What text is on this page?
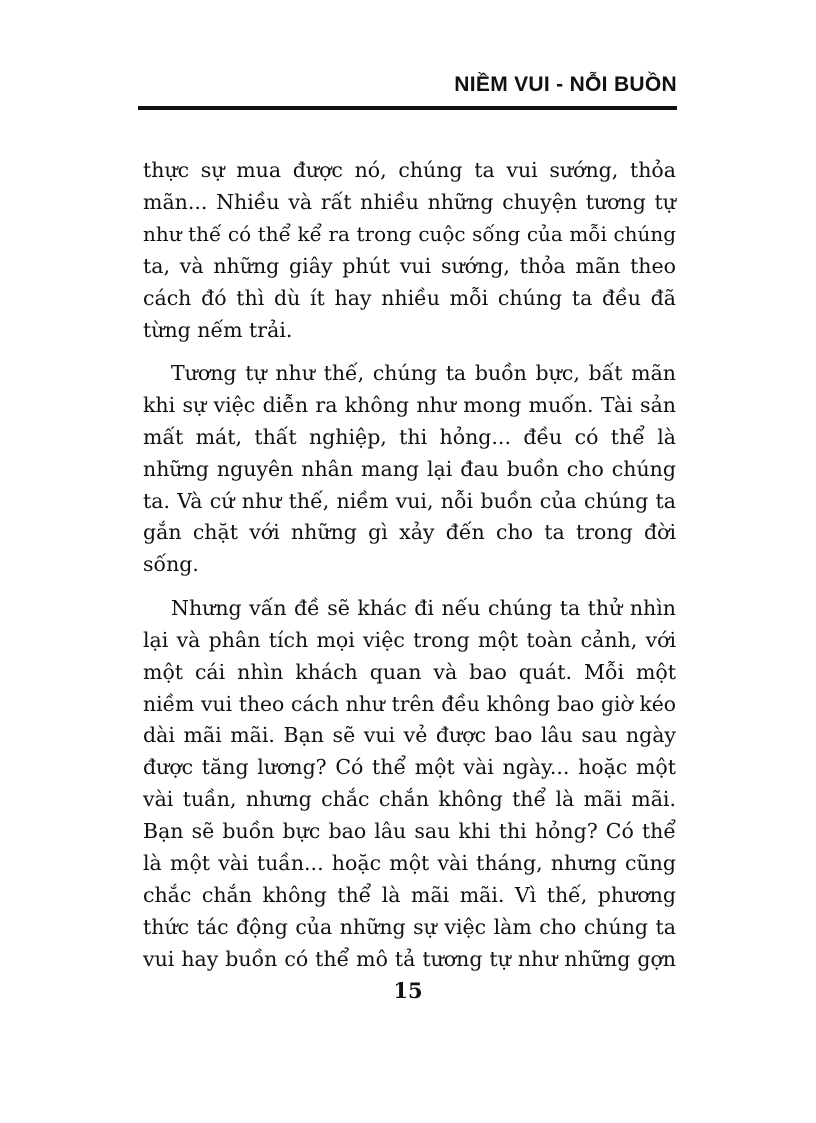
NIỀM VUI - NỖI BUỒN

thực sự mua được nó, chúng ta vui sướng, thỏa
mãn... Nhiều và rất nhiều những chuyện tương tự
như thế có thể kể ra trong cuộc sống của mỗi chúng
ta, và những giây phút vui sướng, thỏa mãn theo
cách đó thì dù ít hay nhiều mỗi chúng ta đều đã
từng nếm trải.

Tương tự như thế, chúng ta buồn bực, bất mãn
khi sự việc diễn ra không như mong muốn. Tài sản
mất mát, thất nghiệp, thi hỏng... đều có thể là
những nguyên nhân mang lại đau buồn cho chúng
ta. Và cứ như thế, niềm vui, nỗi buồn của chúng ta
gắn chặt với những gì xảy đến cho ta trong đời
sống.

Nhưng vấn đề sẽ khác đi nếu chúng ta thử nhìn
lại và phân tích mọi việc trong một toàn cảnh, với
một cái nhìn khách quan và bao quát. Mỗi một
niềm vui theo cách như trên đều không bao giờ kéo
dài mãi mãi. Bạn sẽ vui vẻ được bao lâu sau ngày
được tăng lương? Có thể một vài ngày... hoặc một
vài tuần, nhưng chắc chắn không thể là mãi mãi.
Bạn sẽ buồn bực bao lâu sau khi thi hỏng? Có thể
là một vài tuần... hoặc một vài tháng, nhưng cũng
chắc chắn không thể là mãi mãi. Vì thế, phương
thức tác động của những sự việc làm cho chúng ta
vui hay buồn có thể mô tả tương tự như những gợn

15
